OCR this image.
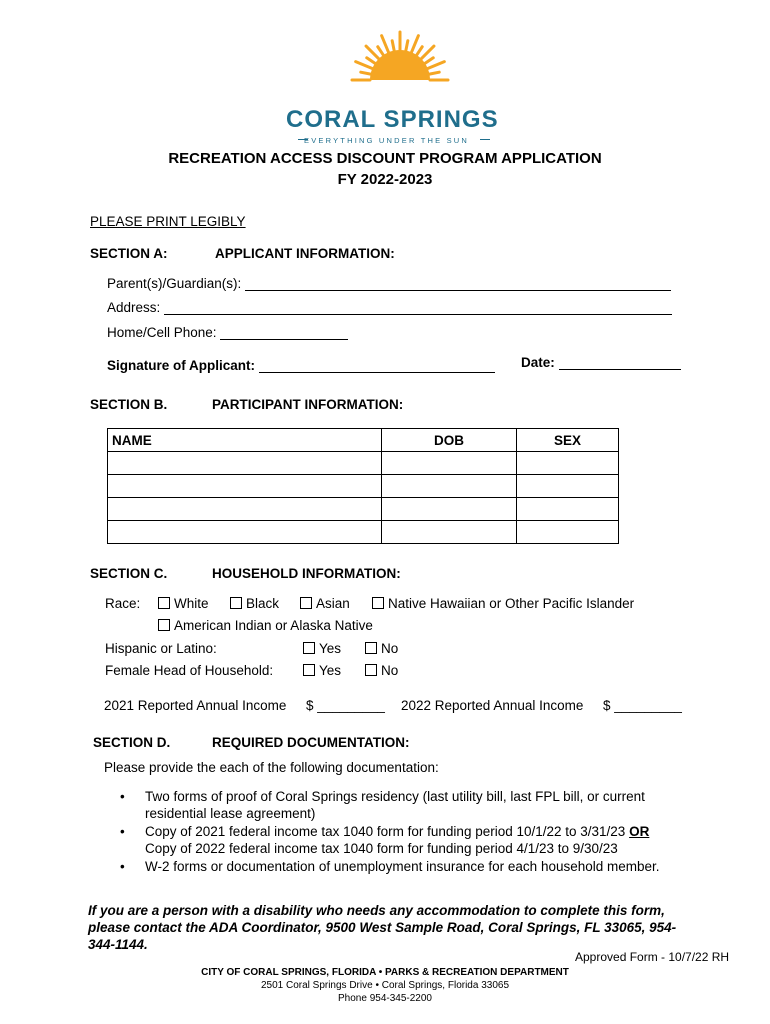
CORAL SPRINGS
EVERYTHING UNDER THE SUN
RECREATION ACCESS DISCOUNT PROGRAM APPLICATION
FY 2022-2023
PLEASE PRINT LEGIBLY
SECTION A:	APPLICANT INFORMATION:
Parent(s)/Guardian(s):
Address:
Home/Cell Phone:
Signature of Applicant:	Date:
SECTION B.	PARTICIPANT INFORMATION:
NAME	DOB	SEX

SECTION C.	HOUSEHOLD INFORMATION:
Race:	White	Black	Asian	Native Hawaiian or Other Pacific Islander
American Indian or Alaska Native
Hispanic or Latino:	Yes	No
Female Head of Household:	Yes	No
2021 Reported Annual Income $ _________ 2022 Reported Annual Income $ _________
SECTION D.	REQUIRED DOCUMENTATION:
Please provide the each of the following documentation:
• Two forms of proof of Coral Springs residency (last utility bill, last FPL bill, or current residential lease agreement)
• Copy of 2021 federal income tax 1040 form for funding period 10/1/22 to 3/31/23 OR
Copy of 2022 federal income tax 1040 form for funding period 4/1/23 to 9/30/23
• W-2 forms or documentation of unemployment insurance for each household member.
If you are a person with a disability who needs any accommodation to complete this form, please contact the ADA Coordinator, 9500 West Sample Road, Coral Springs, FL 33065, 954-344-1144.
Approved Form - 10/7/22 RH
CITY OF CORAL SPRINGS, FLORIDA • PARKS & RECREATION DEPARTMENT
2501 Coral Springs Drive • Coral Springs, Florida 33065
Phone 954-345-2200
